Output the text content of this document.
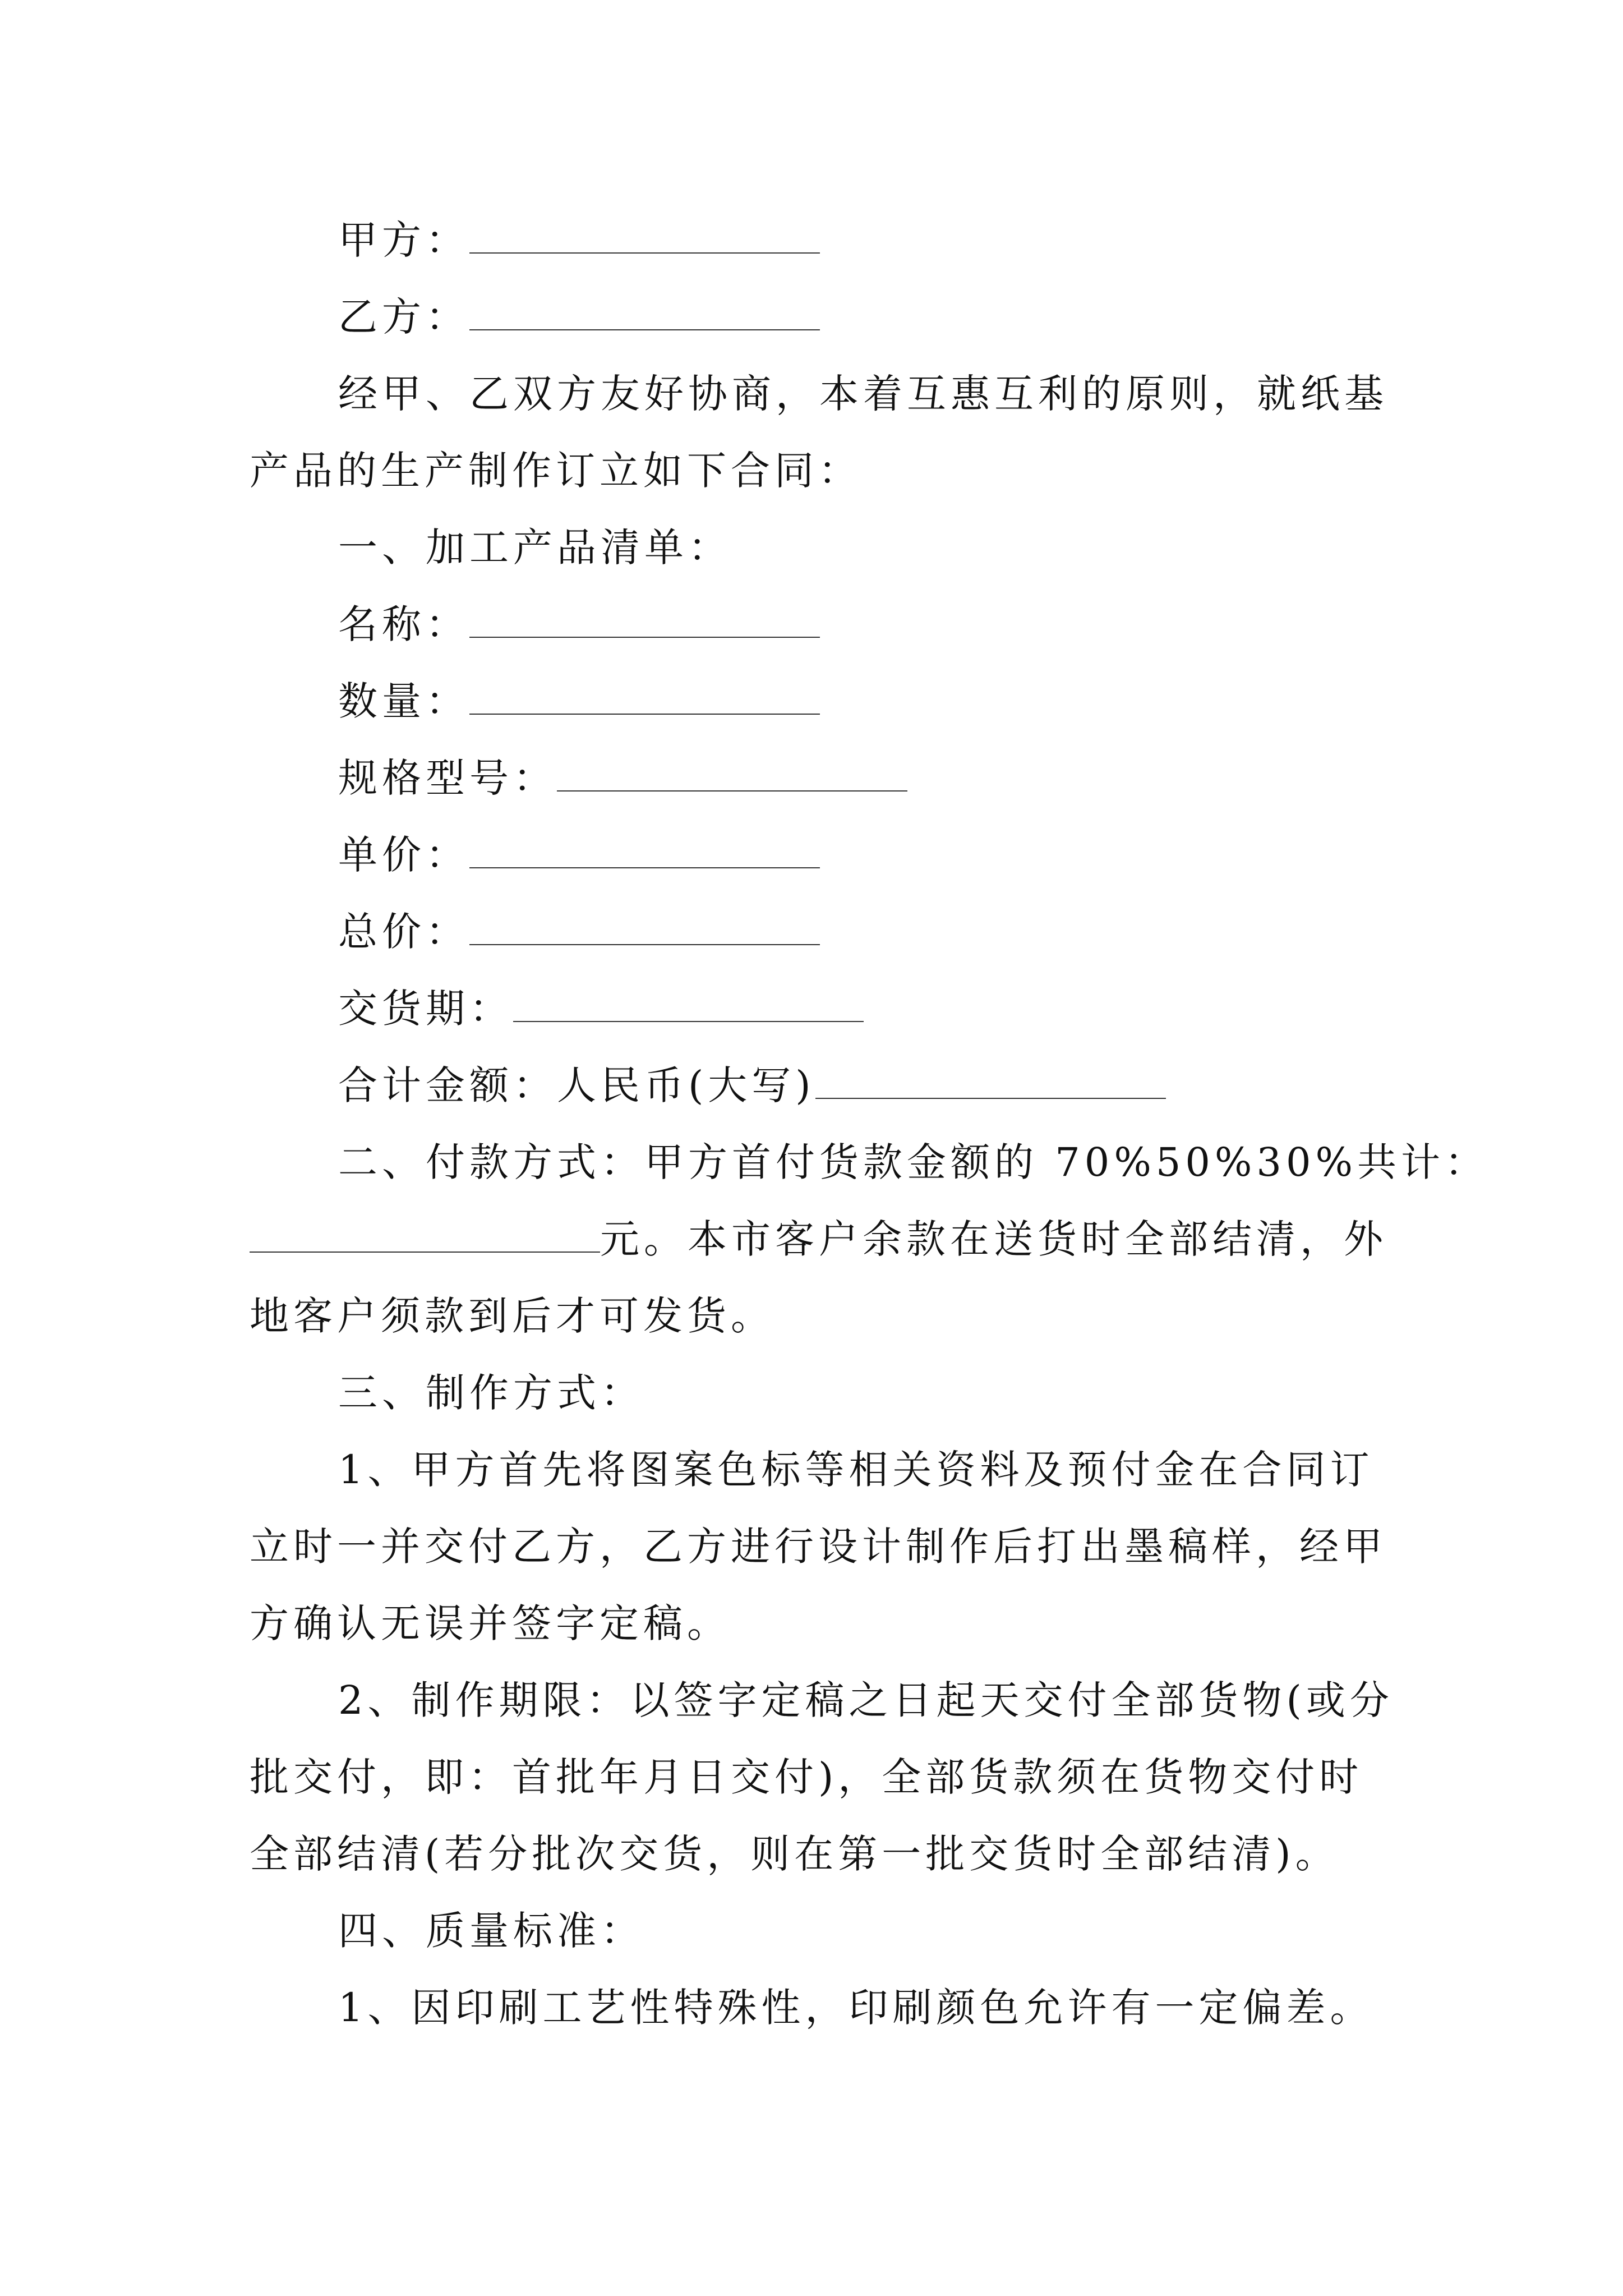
甲方：
乙方：
经甲、乙双方友好协商，本着互惠互利的原则，就纸基
产品的生产制作订立如下合同：
一、加工产品清单：
名称：
数量：
规格型号：
单价：
总价：
交货期：
合计金额：人民币(大写)
二、付款方式：甲方首付货款金额的 70%50%30%共计：
元。本市客户余款在送货时全部结清，外
地客户须款到后才可发货。
三、制作方式：
1、甲方首先将图案色标等相关资料及预付金在合同订
立时一并交付乙方，乙方进行设计制作后打出墨稿样，经甲
方确认无误并签字定稿。
2、制作期限：以签字定稿之日起天交付全部货物(或分
批交付，即：首批年月日交付)，全部货款须在货物交付时
全部结清(若分批次交货，则在第一批交货时全部结清)。
四、质量标准：
1、因印刷工艺性特殊性，印刷颜色允许有一定偏差。
